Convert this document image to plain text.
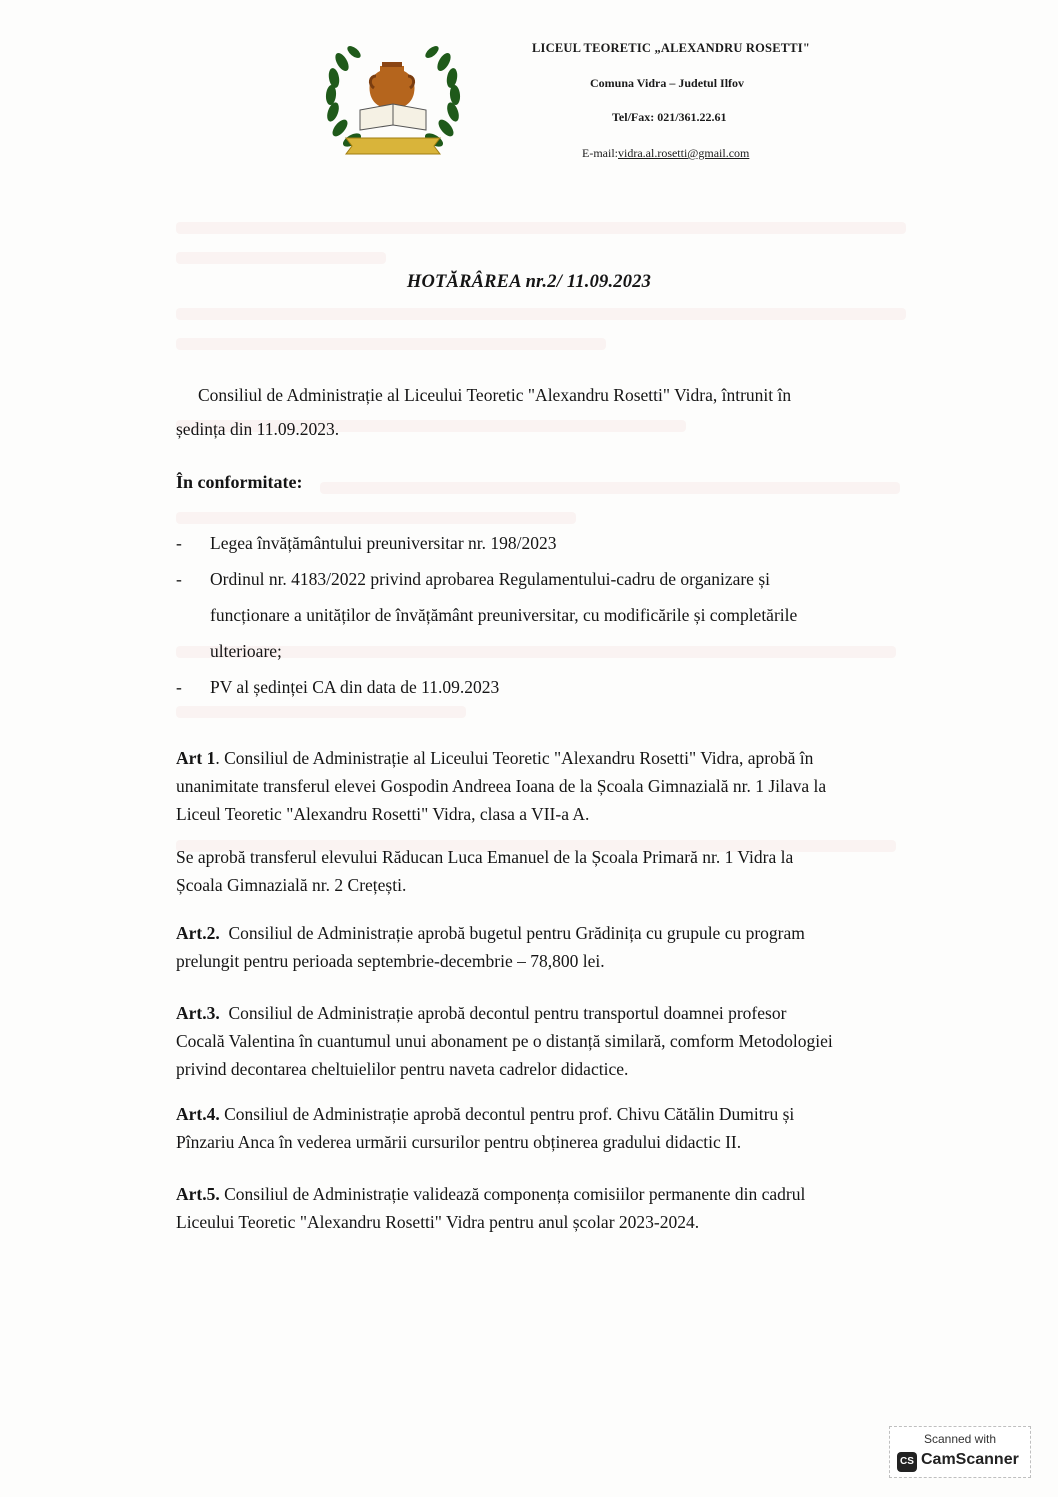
LICEUL TEORETIC „ALEXANDRU ROSETTI"
Comuna Vidra – Judetul Ilfov
Tel/Fax: 021/361.22.61
E-mail:vidra.al.rosetti@gmail.com
HOTĂRÂREA nr.2/ 11.09.2023
Consiliul de Administrație al Liceului Teoretic "Alexandru Rosetti" Vidra, întrunit în
ședința din 11.09.2023.
În conformitate:
- Legea învățământului preuniversitar nr. 198/2023
- Ordinul nr. 4183/2022 privind aprobarea Regulamentului-cadru de organizare și
funcționare a unităților de învățământ preuniversitar, cu modificările și completările
ulterioare;
- PV al ședinței CA din data de 11.09.2023

Art 1. Consiliul de Administrație al Liceului Teoretic "Alexandru Rosetti" Vidra, aprobă în

unanimitate transferul elevei Gospodin Andreea Ioana de la Școala Gimnazială nr. 1 Jilava la

Liceul Teoretic "Alexandru Rosetti" Vidra, clasa a VII-a A.

Se aprobă transferul elevului Răducan Luca Emanuel de la Școala Primară nr. 1 Vidra la

Școala Gimnazială nr. 2 Crețești.

Art.2.  Consiliul de Administrație aprobă bugetul pentru Grădinița cu grupule cu program

prelungit pentru perioada septembrie-decembrie – 78,800 lei.

Art.3.  Consiliul de Administrație aprobă decontul pentru transportul doamnei profesor

Cocală Valentina în cuantumul unui abonament pe o distanță similară, comform Metodologiei

privind decontarea cheltuielilor pentru naveta cadrelor didactice.

Art.4. Consiliul de Administrație aprobă decontul pentru prof. Chivu Cătălin Dumitru și

Pînzariu Anca în vederea urmării cursurilor pentru obținerea gradului didactic II.

Art.5. Consiliul de Administrație validează componența comisiilor permanente din cadrul

Liceului Teoretic "Alexandru Rosetti" Vidra pentru anul școlar 2023-2024.

Scanned with
CS CamScanner
